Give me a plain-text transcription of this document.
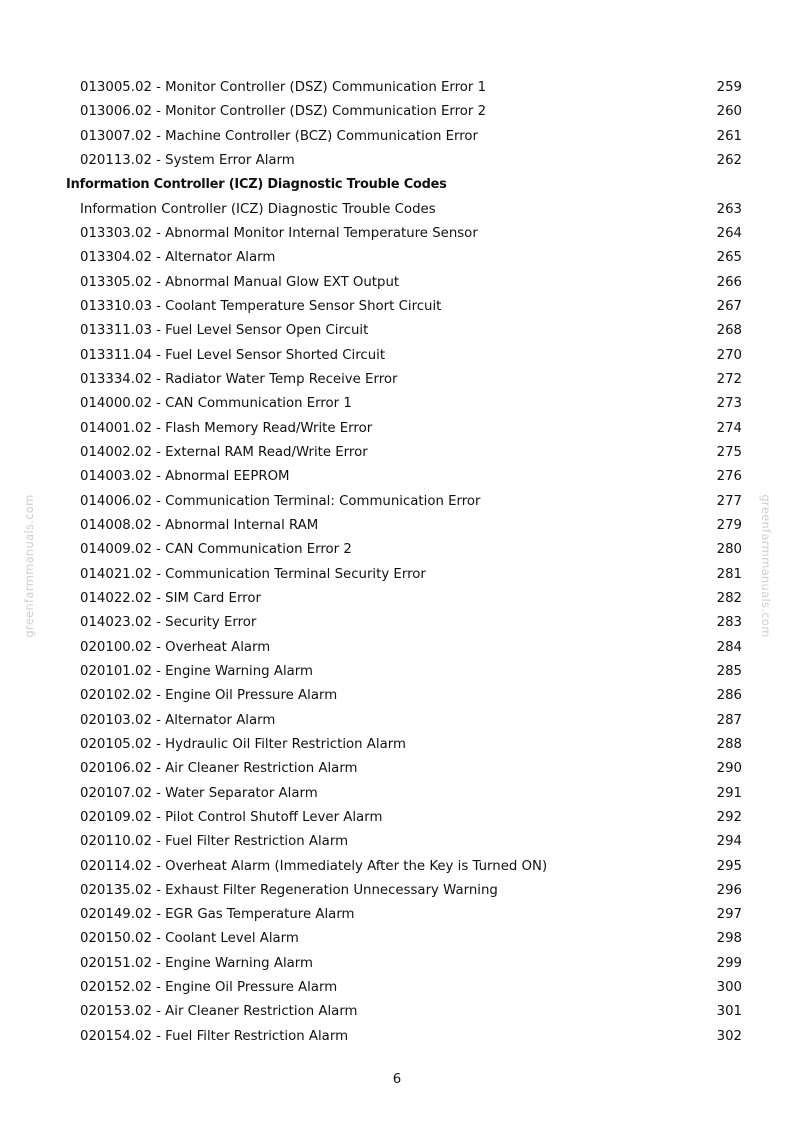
013005.02 - Monitor Controller (DSZ) Communication Error 1	259
013006.02 - Monitor Controller (DSZ) Communication Error 2	260
013007.02 - Machine Controller (BCZ) Communication Error	261
020113.02 - System Error Alarm	262
Information Controller (ICZ) Diagnostic Trouble Codes
Information Controller (ICZ) Diagnostic Trouble Codes	263
013303.02 - Abnormal Monitor Internal Temperature Sensor	264
013304.02 - Alternator Alarm	265
013305.02 - Abnormal Manual Glow EXT Output	266
013310.03 - Coolant Temperature Sensor Short Circuit	267
013311.03 - Fuel Level Sensor Open Circuit	268
013311.04 - Fuel Level Sensor Shorted Circuit	270
013334.02 - Radiator Water Temp Receive Error	272
014000.02 - CAN Communication Error 1	273
014001.02 - Flash Memory Read/Write Error	274
014002.02 - External RAM Read/Write Error	275
014003.02 - Abnormal EEPROM	276
014006.02 - Communication Terminal: Communication Error	277
014008.02 - Abnormal Internal RAM	279
014009.02 - CAN Communication Error 2	280
014021.02 - Communication Terminal Security Error	281
014022.02 - SIM Card Error	282
014023.02 - Security Error	283
020100.02 - Overheat Alarm	284
020101.02 - Engine Warning Alarm	285
020102.02 - Engine Oil Pressure Alarm	286
020103.02 - Alternator Alarm	287
020105.02 - Hydraulic Oil Filter Restriction Alarm	288
020106.02 - Air Cleaner Restriction Alarm	290
020107.02 - Water Separator Alarm	291
020109.02 - Pilot Control Shutoff Lever Alarm	292
020110.02 - Fuel Filter Restriction Alarm	294
020114.02 - Overheat Alarm (Immediately After the Key is Turned ON)	295
020135.02 - Exhaust Filter Regeneration Unnecessary Warning	296
020149.02 - EGR Gas Temperature Alarm	297
020150.02 - Coolant Level Alarm	298
020151.02 - Engine Warning Alarm	299
020152.02 - Engine Oil Pressure Alarm	300
020153.02 - Air Cleaner Restriction Alarm	301
020154.02 - Fuel Filter Restriction Alarm	302
greenfarmmanuals.com	greenfarmmanuals.com
6
